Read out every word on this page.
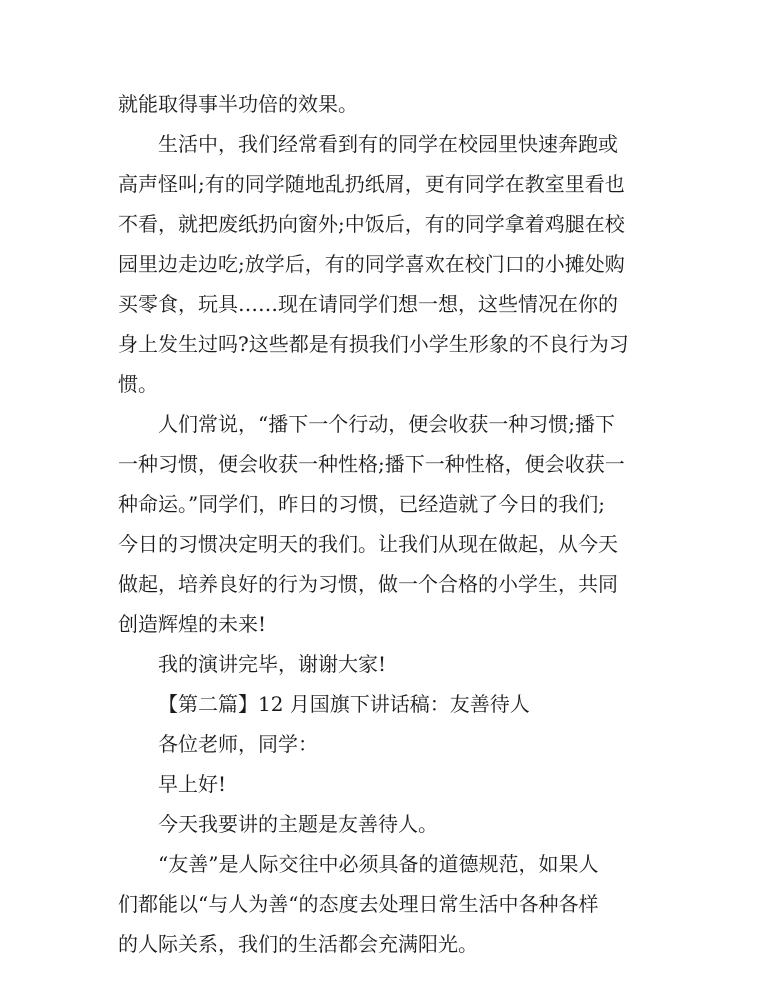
就能取得事半功倍的效果。
生活中，我们经常看到有的同学在校园里快速奔跑或
高声怪叫;有的同学随地乱扔纸屑，更有同学在教室里看也
不看，就把废纸扔向窗外;中饭后，有的同学拿着鸡腿在校
园里边走边吃;放学后，有的同学喜欢在校门口的小摊处购
买零食，玩具……现在请同学们想一想，这些情况在你的
身上发生过吗?这些都是有损我们小学生形象的不良行为习
惯。
人们常说，“播下一个行动，便会收获一种习惯;播下
一种习惯，便会收获一种性格;播下一种性格，便会收获一
种命运。”同学们，昨日的习惯，已经造就了今日的我们;
今日的习惯决定明天的我们。让我们从现在做起，从今天
做起，培养良好的行为习惯，做一个合格的小学生，共同
创造辉煌的未来!
我的演讲完毕，谢谢大家!
【第二篇】12 月国旗下讲话稿：友善待人
各位老师，同学：
早上好!
今天我要讲的主题是友善待人。
“友善”是人际交往中必须具备的道德规范，如果人
们都能以“与人为善“的态度去处理日常生活中各种各样
的人际关系，我们的生活都会充满阳光。
